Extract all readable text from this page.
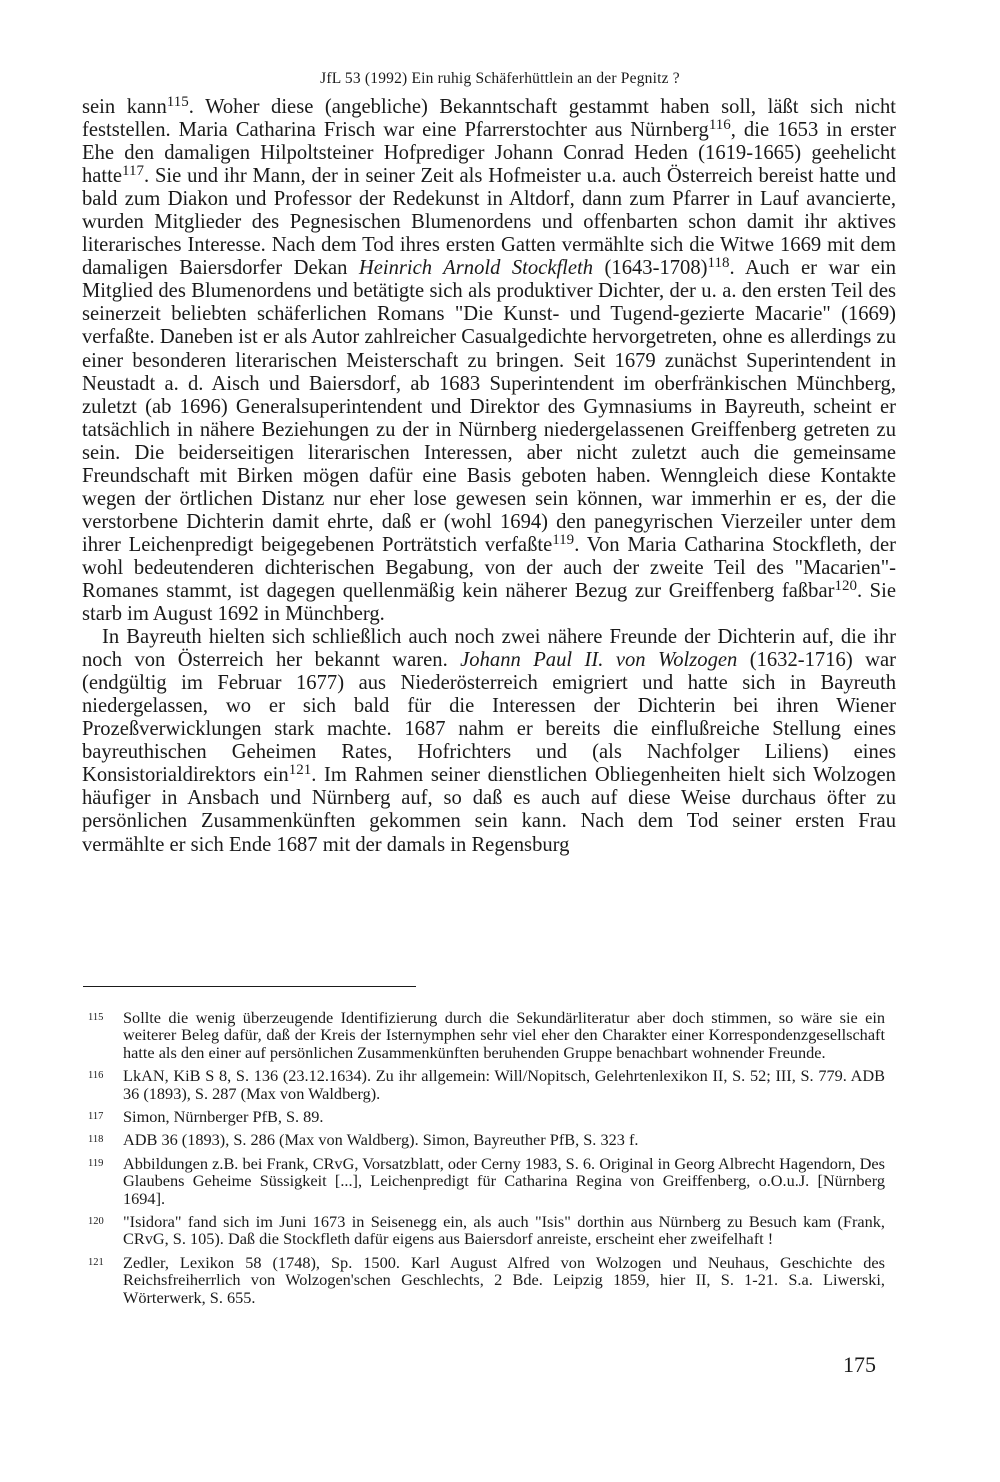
JfL 53 (1992) Ein ruhig Schäferhüttlein an der Pegnitz ?

sein kann$^{115}$. Woher diese (angebliche) Bekanntschaft gestammt haben soll, läßt sich nicht feststellen. Maria Catharina Frisch war eine Pfarrerstochter aus Nürnberg$^{116}$, die 1653 in erster Ehe den damaligen Hilpoltsteiner Hofprediger Johann Conrad Heden (1619-1665) geehelicht hatte$^{117}$. Sie und ihr Mann, der in seiner Zeit als Hofmeister u.a. auch Österreich bereist hatte und bald zum Diakon und Professor der Redekunst in Altdorf, dann zum Pfarrer in Lauf avancierte, wurden Mitglieder des Pegnesischen Blumenordens und offenbarten schon damit ihr aktives literarisches Interesse. Nach dem Tod ihres ersten Gatten vermählte sich die Witwe 1669 mit dem damaligen Baiersdorfer Dekan Heinrich Arnold Stockfleth (1643-1708)$^{118}$. Auch er war ein Mitglied des Blumenordens und betätigte sich als produktiver Dichter, der u. a. den ersten Teil des seinerzeit beliebten schäferlichen Romans "Die Kunst- und Tugend-gezierte Macarie" (1669) verfaßte. Daneben ist er als Autor zahlreicher Casualgedichte hervorgetreten, ohne es allerdings zu einer besonderen literarischen Meisterschaft zu bringen. Seit 1679 zunächst Superintendent in Neustadt a. d. Aisch und Baiersdorf, ab 1683 Superintendent im oberfränkischen Münchberg, zuletzt (ab 1696) Generalsuperintendent und Direktor des Gymnasiums in Bayreuth, scheint er tatsächlich in nähere Beziehungen zu der in Nürnberg niedergelassenen Greiffenberg getreten zu sein. Die beiderseitigen literarischen Interessen, aber nicht zuletzt auch die gemeinsame Freundschaft mit Birken mögen dafür eine Basis geboten haben. Wenngleich diese Kontakte wegen der örtlichen Distanz nur eher lose gewesen sein können, war immerhin er es, der die verstorbene Dichterin damit ehrte, daß er (wohl 1694) den panegyrischen Vierzeiler unter dem ihrer Leichenpredigt beigegebenen Porträtstich verfaßte$^{119}$. Von Maria Catharina Stockfleth, der wohl bedeutenderen dichterischen Begabung, von der auch der zweite Teil des "Macarien"-Romanes stammt, ist dagegen quellenmäßig kein näherer Bezug zur Greiffenberg faßbar$^{120}$. Sie starb im August 1692 in Münchberg.

In Bayreuth hielten sich schließlich auch noch zwei nähere Freunde der Dichterin auf, die ihr noch von Österreich her bekannt waren. Johann Paul II. von Wolzogen (1632-1716) war (endgültig im Februar 1677) aus Niederösterreich emigriert und hatte sich in Bayreuth niedergelassen, wo er sich bald für die Interessen der Dichterin bei ihren Wiener Prozeßverwicklungen stark machte. 1687 nahm er bereits die einflußreiche Stellung eines bayreuthischen Geheimen Rates, Hofrichters und (als Nachfolger Liliens) eines Konsistorialdirektors ein$^{121}$. Im Rahmen seiner dienstlichen Obliegenheiten hielt sich Wolzogen häufiger in Ansbach und Nürnberg auf, so daß es auch auf diese Weise durchaus öfter zu persönlichen Zusammenkünften gekommen sein kann. Nach dem Tod seiner ersten Frau vermählte er sich Ende 1687 mit der damals in Regensburg

115	Sollte die wenig überzeugende Identifizierung durch die Sekundärliteratur aber doch stimmen, so wäre sie ein weiterer Beleg dafür, daß der Kreis der Isternymphen sehr viel eher den Charakter einer Korrespondenzgesellschaft hatte als den einer auf persönlichen Zusammenkünften beruhenden Gruppe benachbart wohnender Freunde.
116	LkAN, KiB S 8, S. 136 (23.12.1634). Zu ihr allgemein: Will/Nopitsch, Gelehrtenlexikon II, S. 52; III, S. 779. ADB 36 (1893), S. 287 (Max von Waldberg).
117	Simon, Nürnberger PfB, S. 89.
118	ADB 36 (1893), S. 286 (Max von Waldberg). Simon, Bayreuther PfB, S. 323 f.
119	Abbildungen z.B. bei Frank, CRvG, Vorsatzblatt, oder Cerny 1983, S. 6. Original in Georg Albrecht Hagendorn, Des Glaubens Geheime Süssigkeit [...], Leichenpredigt für Catharina Regina von Greiffenberg, o.O.u.J. [Nürnberg 1694].
120	"Isidora" fand sich im Juni 1673 in Seisenegg ein, als auch "Isis" dorthin aus Nürnberg zu Besuch kam (Frank, CRvG, S. 105). Daß die Stockfleth dafür eigens aus Baiersdorf anreiste, erscheint eher zweifelhaft !
121	Zedler, Lexikon 58 (1748), Sp. 1500. Karl August Alfred von Wolzogen und Neuhaus, Geschichte des Reichsfreiherrlich von Wolzogen'schen Geschlechts, 2 Bde. Leipzig 1859, hier II, S. 1-21. S.a. Liwerski, Wörterwerk, S. 655.
175
